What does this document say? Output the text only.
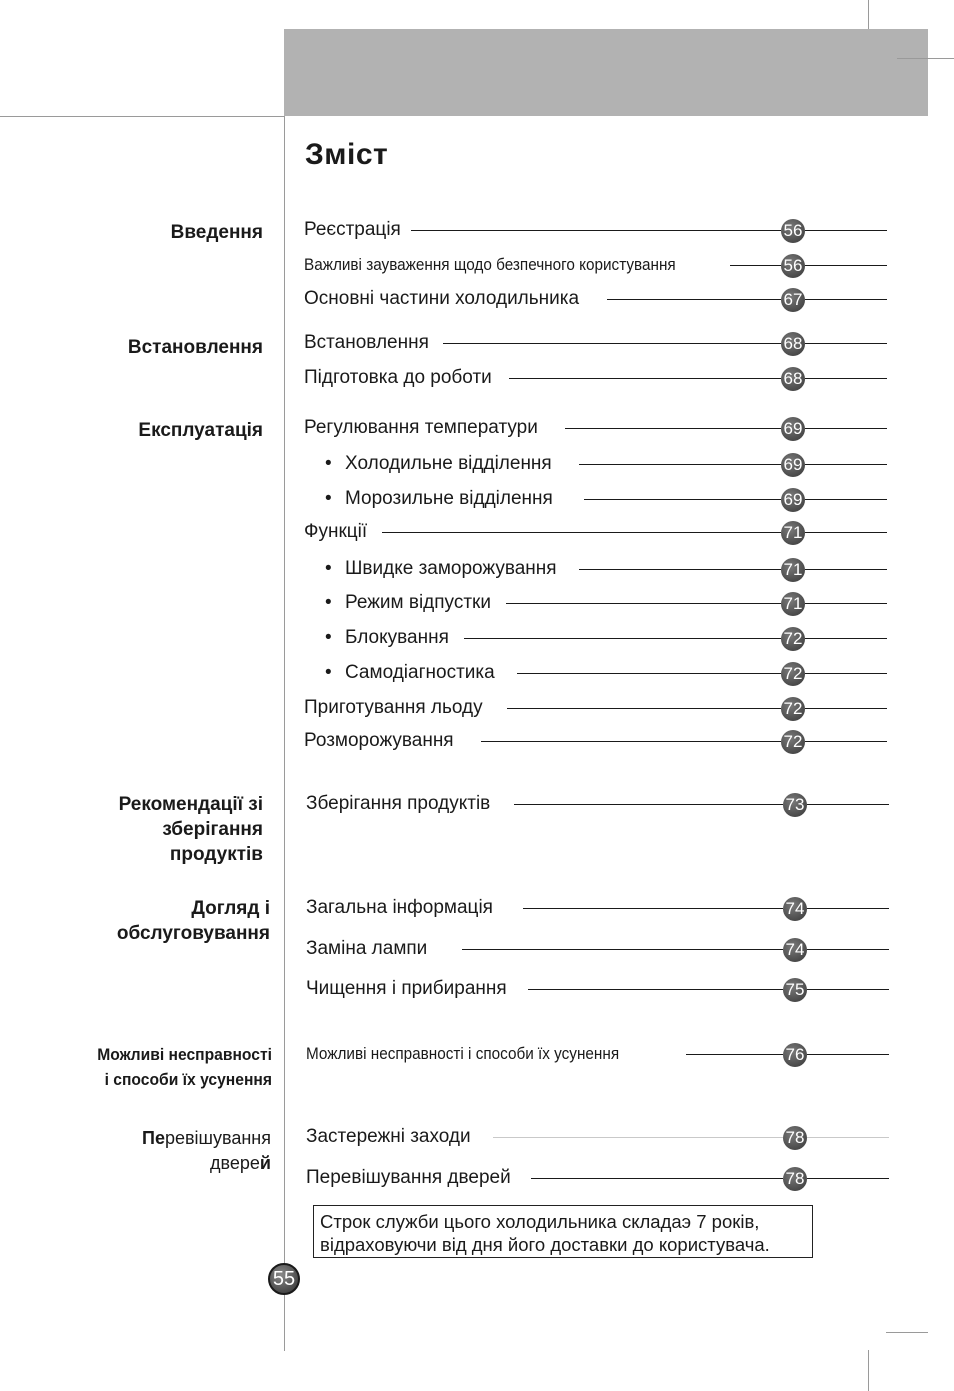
Зміст
Введення
Встановлення
Експлуатація
Рекомендації зі
зберігання
продуктів
Догляд і
обслуговування
Можливі несправності
і способи їх усунення
Перевішування
дверей
Реєстрація	56
Важливі зауваження щодо безпечного користування	56
Основні частини холодильника	67
Встановлення	68
Підготовка до роботи	68
Регулювання температури	69
• Холодильне відділення	69
• Морозильне відділення	69
Функції	71
• Швидке заморожування	71
• Режим відпустки	71
• Блокування	72
• Самодіагностика	72
Приготування льоду	72
Розморожування	72
Зберігання продуктів	73
Загальна інформація	74
Заміна лампи	74
Чищення і прибирання	75
Можливі несправності і способи їх усунення	76
Застережні заходи	78
Перевішування дверей	78
Строк служби цього холодильника складаэ 7 років,
відраховуючи від дня його доставки до користувача.
55
